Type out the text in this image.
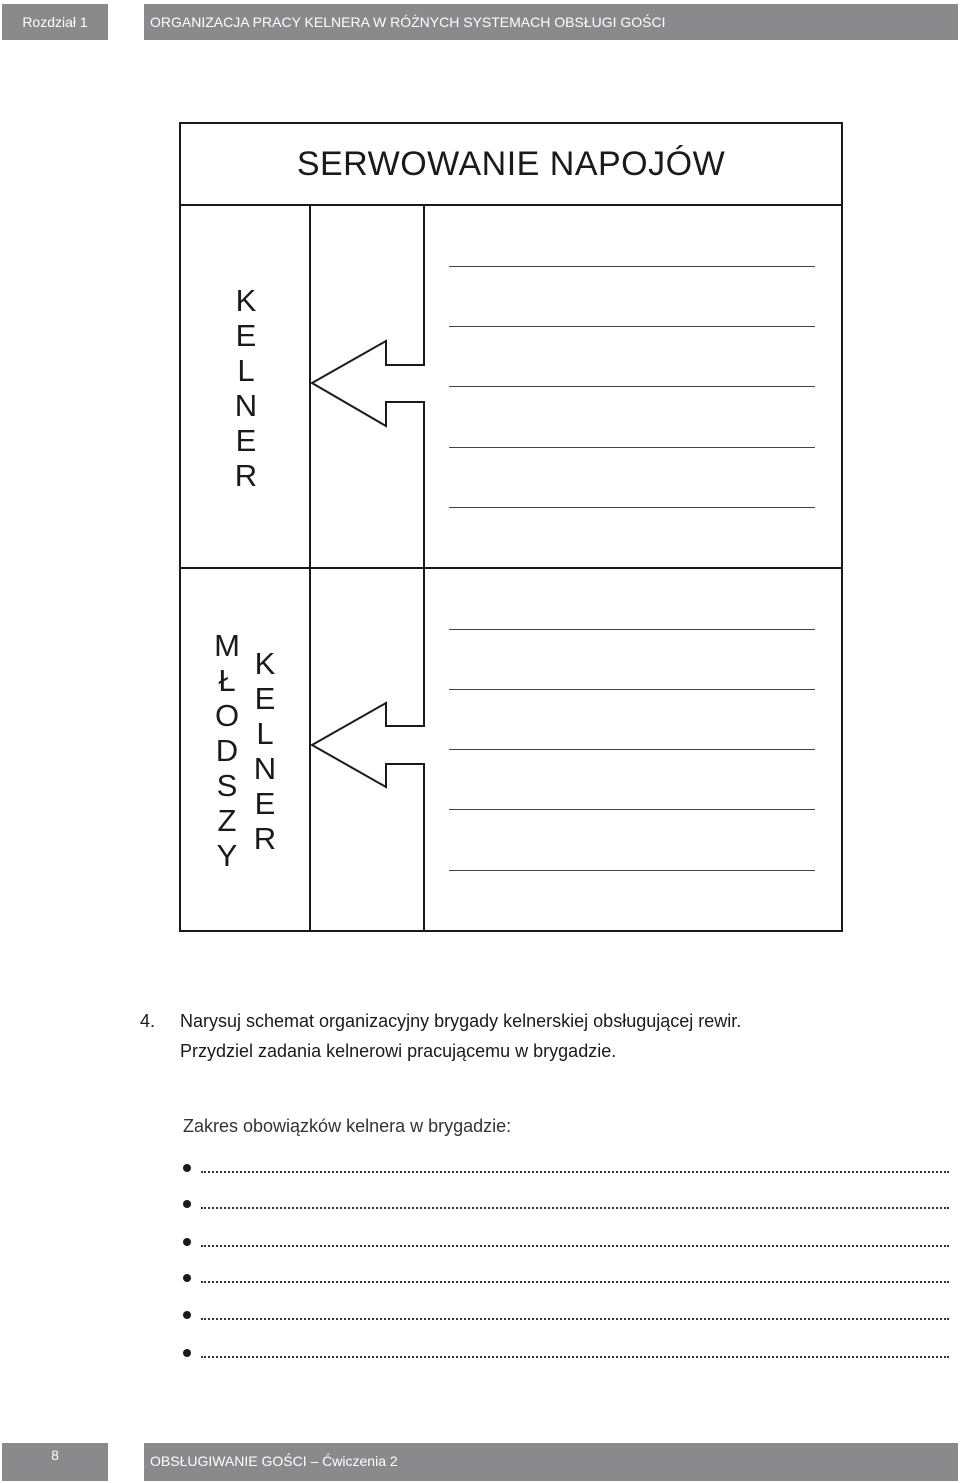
Rozdział 1	ORGANIZACJA PRACY KELNERA W RÓŻNYCH SYSTEMACH OBSŁUGI GOŚCI
SERWOWANIE NAPOJÓW
K
E
L
N
E
R
M
Ł
O
D
S
Z
Y
K
E
L
N
E
R
4. Narysuj schemat organizacyjny brygady kelnerskiej obsługującej rewir.
Przydziel zadania kelnerowi pracującemu w brygadzie.
Zakres obowiązków kelnera w brygadzie:
8	OBSŁUGIWANIE GOŚCI – Ćwiczenia 2
